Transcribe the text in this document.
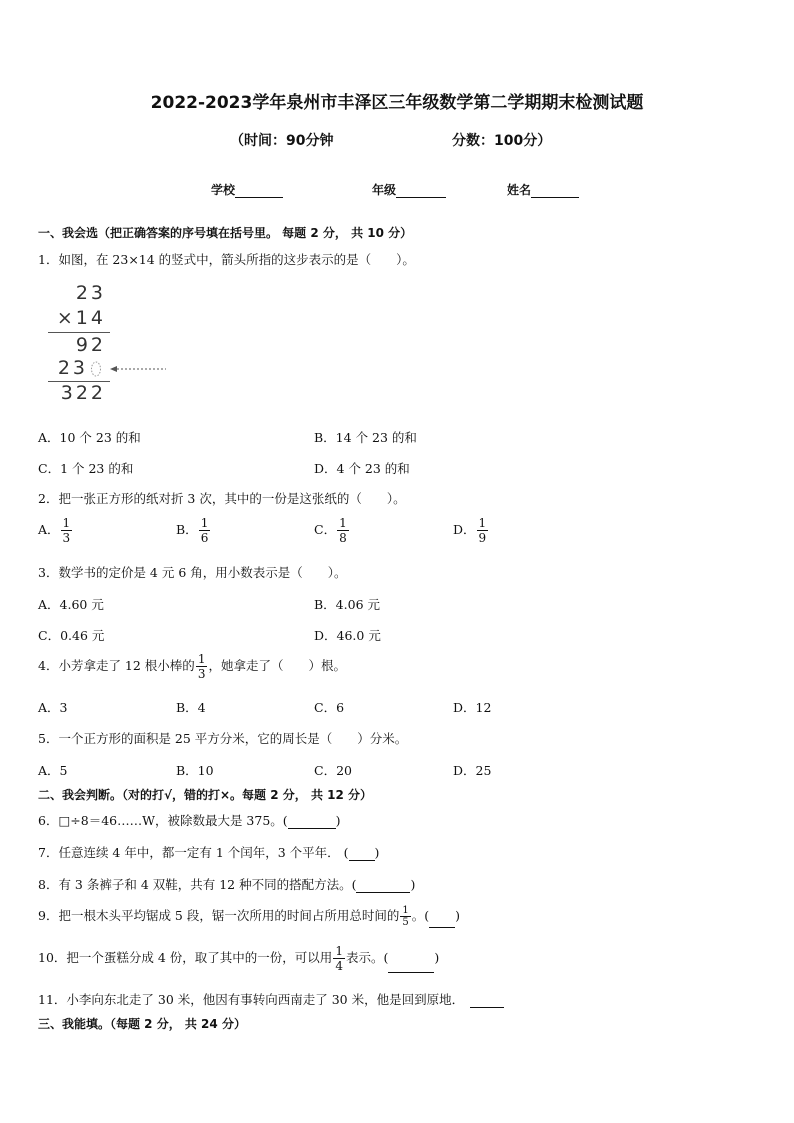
2022-2023学年泉州市丰泽区三年级数学第二学期期末检测试题
（时间：90分钟	分数：100分）
学校	年级	姓名
一、我会选（把正确答案的序号填在括号里。 每题 2 分， 共 10 分）
1．如图，在 23×14 的竖式中，箭头所指的这步表示的是（　　）。
23
×14
92
23
322
A．10 个 23 的和	B．14 个 23 的和
C．1 个 23 的和	D．4 个 23 的和
2．把一张正方形的纸对折 3 次，其中的一份是这张纸的（　　）。
A． $\frac{1}{3}$	B． $\frac{1}{6}$	C． $\frac{1}{8}$	D． $\frac{1}{9}$
3．数学书的定价是 4 元 6 角，用小数表示是（　　）。
A．4.60 元	B．4.06 元
C．0.46 元	D．46.0 元
4．小芳拿走了 12 根小棒的 $\frac{1}{3}$ ，她拿走了（　　）根。
A．3	B．4	C．6	D．12
5．一个正方形的面积是 25 平方分米，它的周长是（　　）分米。
A．5	B．10	C．20	D．25
二、我会判断。（对的打√，错的打×。每题 2 分， 共 12 分）
6．□÷8＝46……W，被除数最大是 375。(	)
7．任意连续 4 年中，都一定有 1 个闰年，3 个平年． ( )
8．有 3 条裤子和 4 双鞋，共有 12 种不同的搭配方法。(	)
9．把一根木头平均锯成 5 段，锯一次所用的时间占所用总时间的 $\frac{1}{5}$ 。( )
10．把一个蛋糕分成 4 份，取了其中的一份，可以用 $\frac{1}{4}$ 表示。(	)
11．小李向东北走了 30 米，他因有事转向西南走了 30 米，他是回到原地．
三、我能填。（每题 2 分， 共 24 分）
